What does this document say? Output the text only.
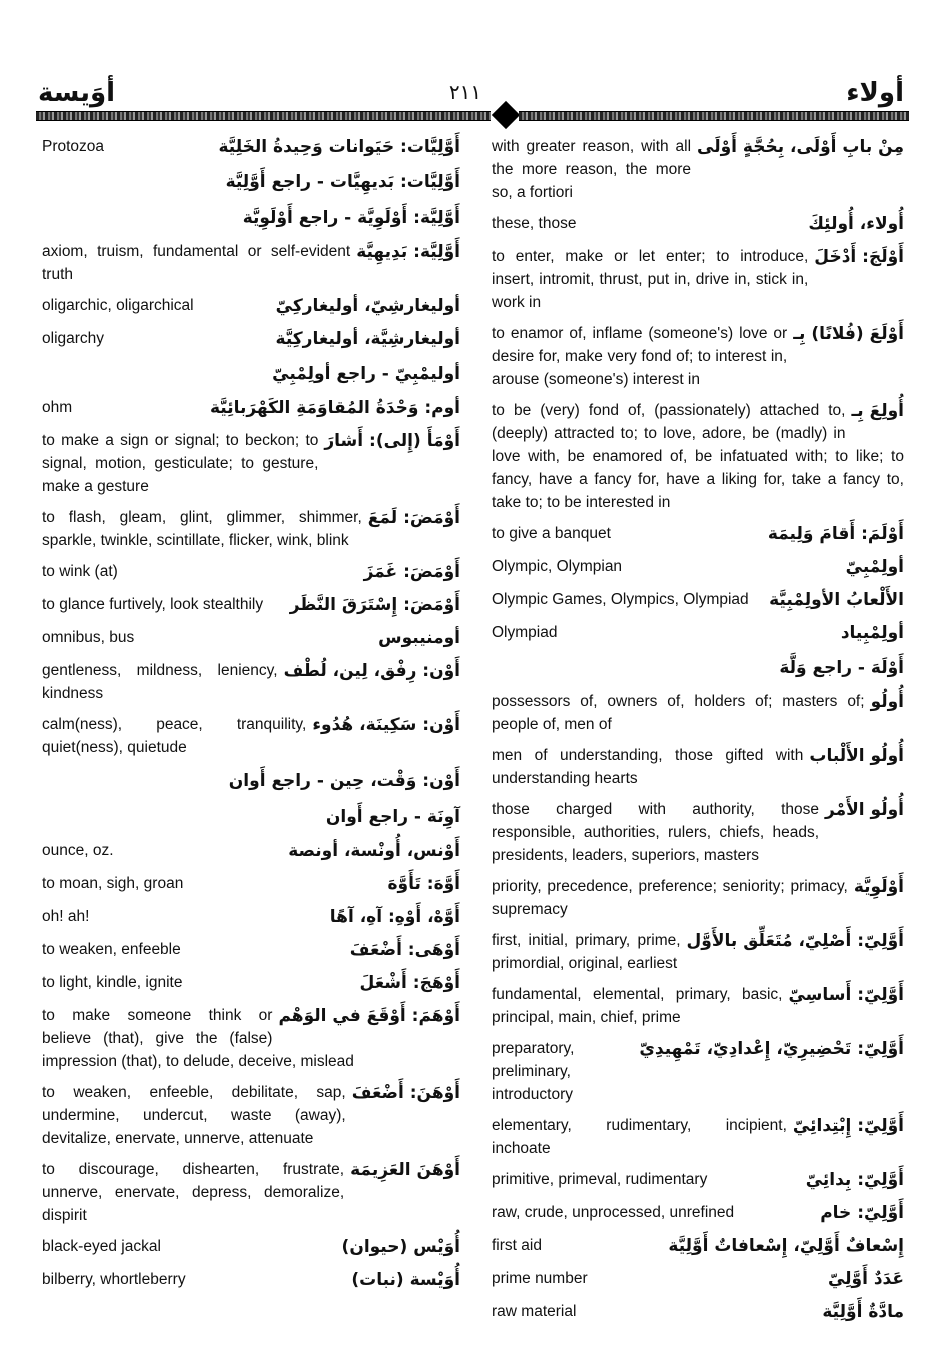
أوَيسة	٢١١	أولاء
أَوَّلِيَّات: حَيَوانات وَحِيدةُ الخَلِيَّة
Protozoa
أَوَّلِيَّات: بَديهِيَّات - راجع أَوَّلِيَّة
أَوَّلِيَّة: أَوْلَوِيَّة - راجع أَوْلَوِيَّة
أَوَّلِيَّة: بَدِيهِيَّة
axiom, truism, fundamental or self-evident truth
أوليغارشِيّ، أوليغاركِيّ
oligarchic, oligarchical
أوليغارشِيَّة، أوليغاركِيَّة
oligarchy
أوليمْبِيّ - راجع أولِمْبِيّ
أوم: وَحْدَةُ المُقاوَمَةِ الكَهْرَبائِيَّة
ohm
أَوْمَأَ (إِلى): أَشارَ
to make a sign or signal; to beckon; to signal, motion, gesticulate; to gesture, make a gesture
أَوْمَضَ: لَمَعَ
to flash, gleam, glint, glimmer, shimmer, sparkle, twinkle, scintillate, flicker, wink, blink
أَوْمَضَ: غَمَزَ
to wink (at)
أَوْمَضَ: إِسْتَرَقَ النَّظَر
to glance furtively, look stealthily
أومنيبوس
omnibus, bus
أَوْن: رِفْق، لِين، لُطْف
gentleness, mildness, leniency, kindness
أَوْن: سَكِينَة، هُدُوء
calm(ness), peace, tranquility, quiet(ness), quietude
أَوْن: وَقْت، حِين - راجع أَوان
آوِنَة - راجع أَوان
أَوْنس، أُونْسة، أونصة
ounce, oz.
أَوَّهَ: تَأَوَّهَ
to moan, sigh, groan
أَوَّهْ، أَوْهِ: آهِ، آهًا
oh! ah!
أَوْهَى: أَضْعَفَ
to weaken, enfeeble
أَوْهَجَ: أَشْعَلَ
to light, kindle, ignite
أَوْهَمَ: أَوْقَعَ في الوَهْم
to make someone think or believe (that), give the (false) impression (that), to delude, deceive, mislead
أَوْهَنَ: أَضْعَفَ
to weaken, enfeeble, debilitate, sap, undermine, undercut, waste (away), devitalize, enervate, unnerve, attenuate
أَوْهَنَ العَزِيمَة
to discourage, dishearten, frustrate, unnerve, enervate, depress, demoralize, dispirit
أُوَيْس (حيوان)
black-eyed jackal
أُوَيْسة (نبات)
bilberry, whortleberry
مِنْ بابِ أَوْلَى، بِحُجَّةٍ أَوْلَى
with greater reason, with all the more reason, the more so, a fortiori
أُولاء، أُولئِكَ
these, those
أَوْلَجَ: أَدْخَلَ
to enter, make or let enter; to introduce, insert, intromit, thrust, put in, drive in, stick in, work in
أَوْلَعَ (فُلانًا) بِـ
to enamor of, inflame (someone's) love or desire for, make very fond of; to interest in, arouse (someone's) interest in
أُولِعَ بِـ
to be (very) fond of, (passionately) attached to, (deeply) attracted to; to love, adore, be (madly) in love with, be enamored of, be infatuated with; to like; to fancy, have a fancy for, have a liking for, take a fancy to, take to; to be interested in
أَوْلَمَ: أَقامَ وَلِيمَة
to give a banquet
أولِمْبِيّ
Olympic, Olympian
الأَلْعابُ الأولِمْبِيَّة
Olympic Games, Olympics, Olympiad
أولِمْبِياد
Olympiad
أَوْلَهَ - راجع وَلَّهَ
أُولُو
possessors of, owners of, holders of; masters of; people of, men of
أُولُو الأَلْباب
men of understanding, those gifted with understanding hearts
أُولُو الأَمْر
those charged with authority, those responsible, authorities, rulers, chiefs, heads, presidents, leaders, superiors, masters
أَوْلَوِيَّة
priority, precedence, preference; seniority; primacy, supremacy
أَوَّلِيّ: أَصْلِيّ، مُتَعَلِّق بالأَوَّل
first, initial, primary, prime, primordial, original, earliest
أَوَّلِيّ: أَساسِيّ
fundamental, elemental, primary, basic, principal, main, chief, prime
أَوَّلِيّ: تَحْضِيرِيّ، إِعْدادِيّ، تَمْهِيدِيّ
preparatory, preliminary, introductory
أَوَّلِيّ: إِبْتِدائِيّ
elementary, rudimentary, incipient, inchoate
أَوَّلِيّ: بِدائِيّ
primitive, primeval, rudimentary
أَوَّلِيّ: خام
raw, crude, unprocessed, unrefined
إِسْعافٌ أَوَّلِيّ، إِسْعافاتٌ أَوَّلِيَّة
first aid
عَدَدٌ أَوَّلِيّ
prime number
مادَّةٌ أَوَّلِيَّة
raw material
